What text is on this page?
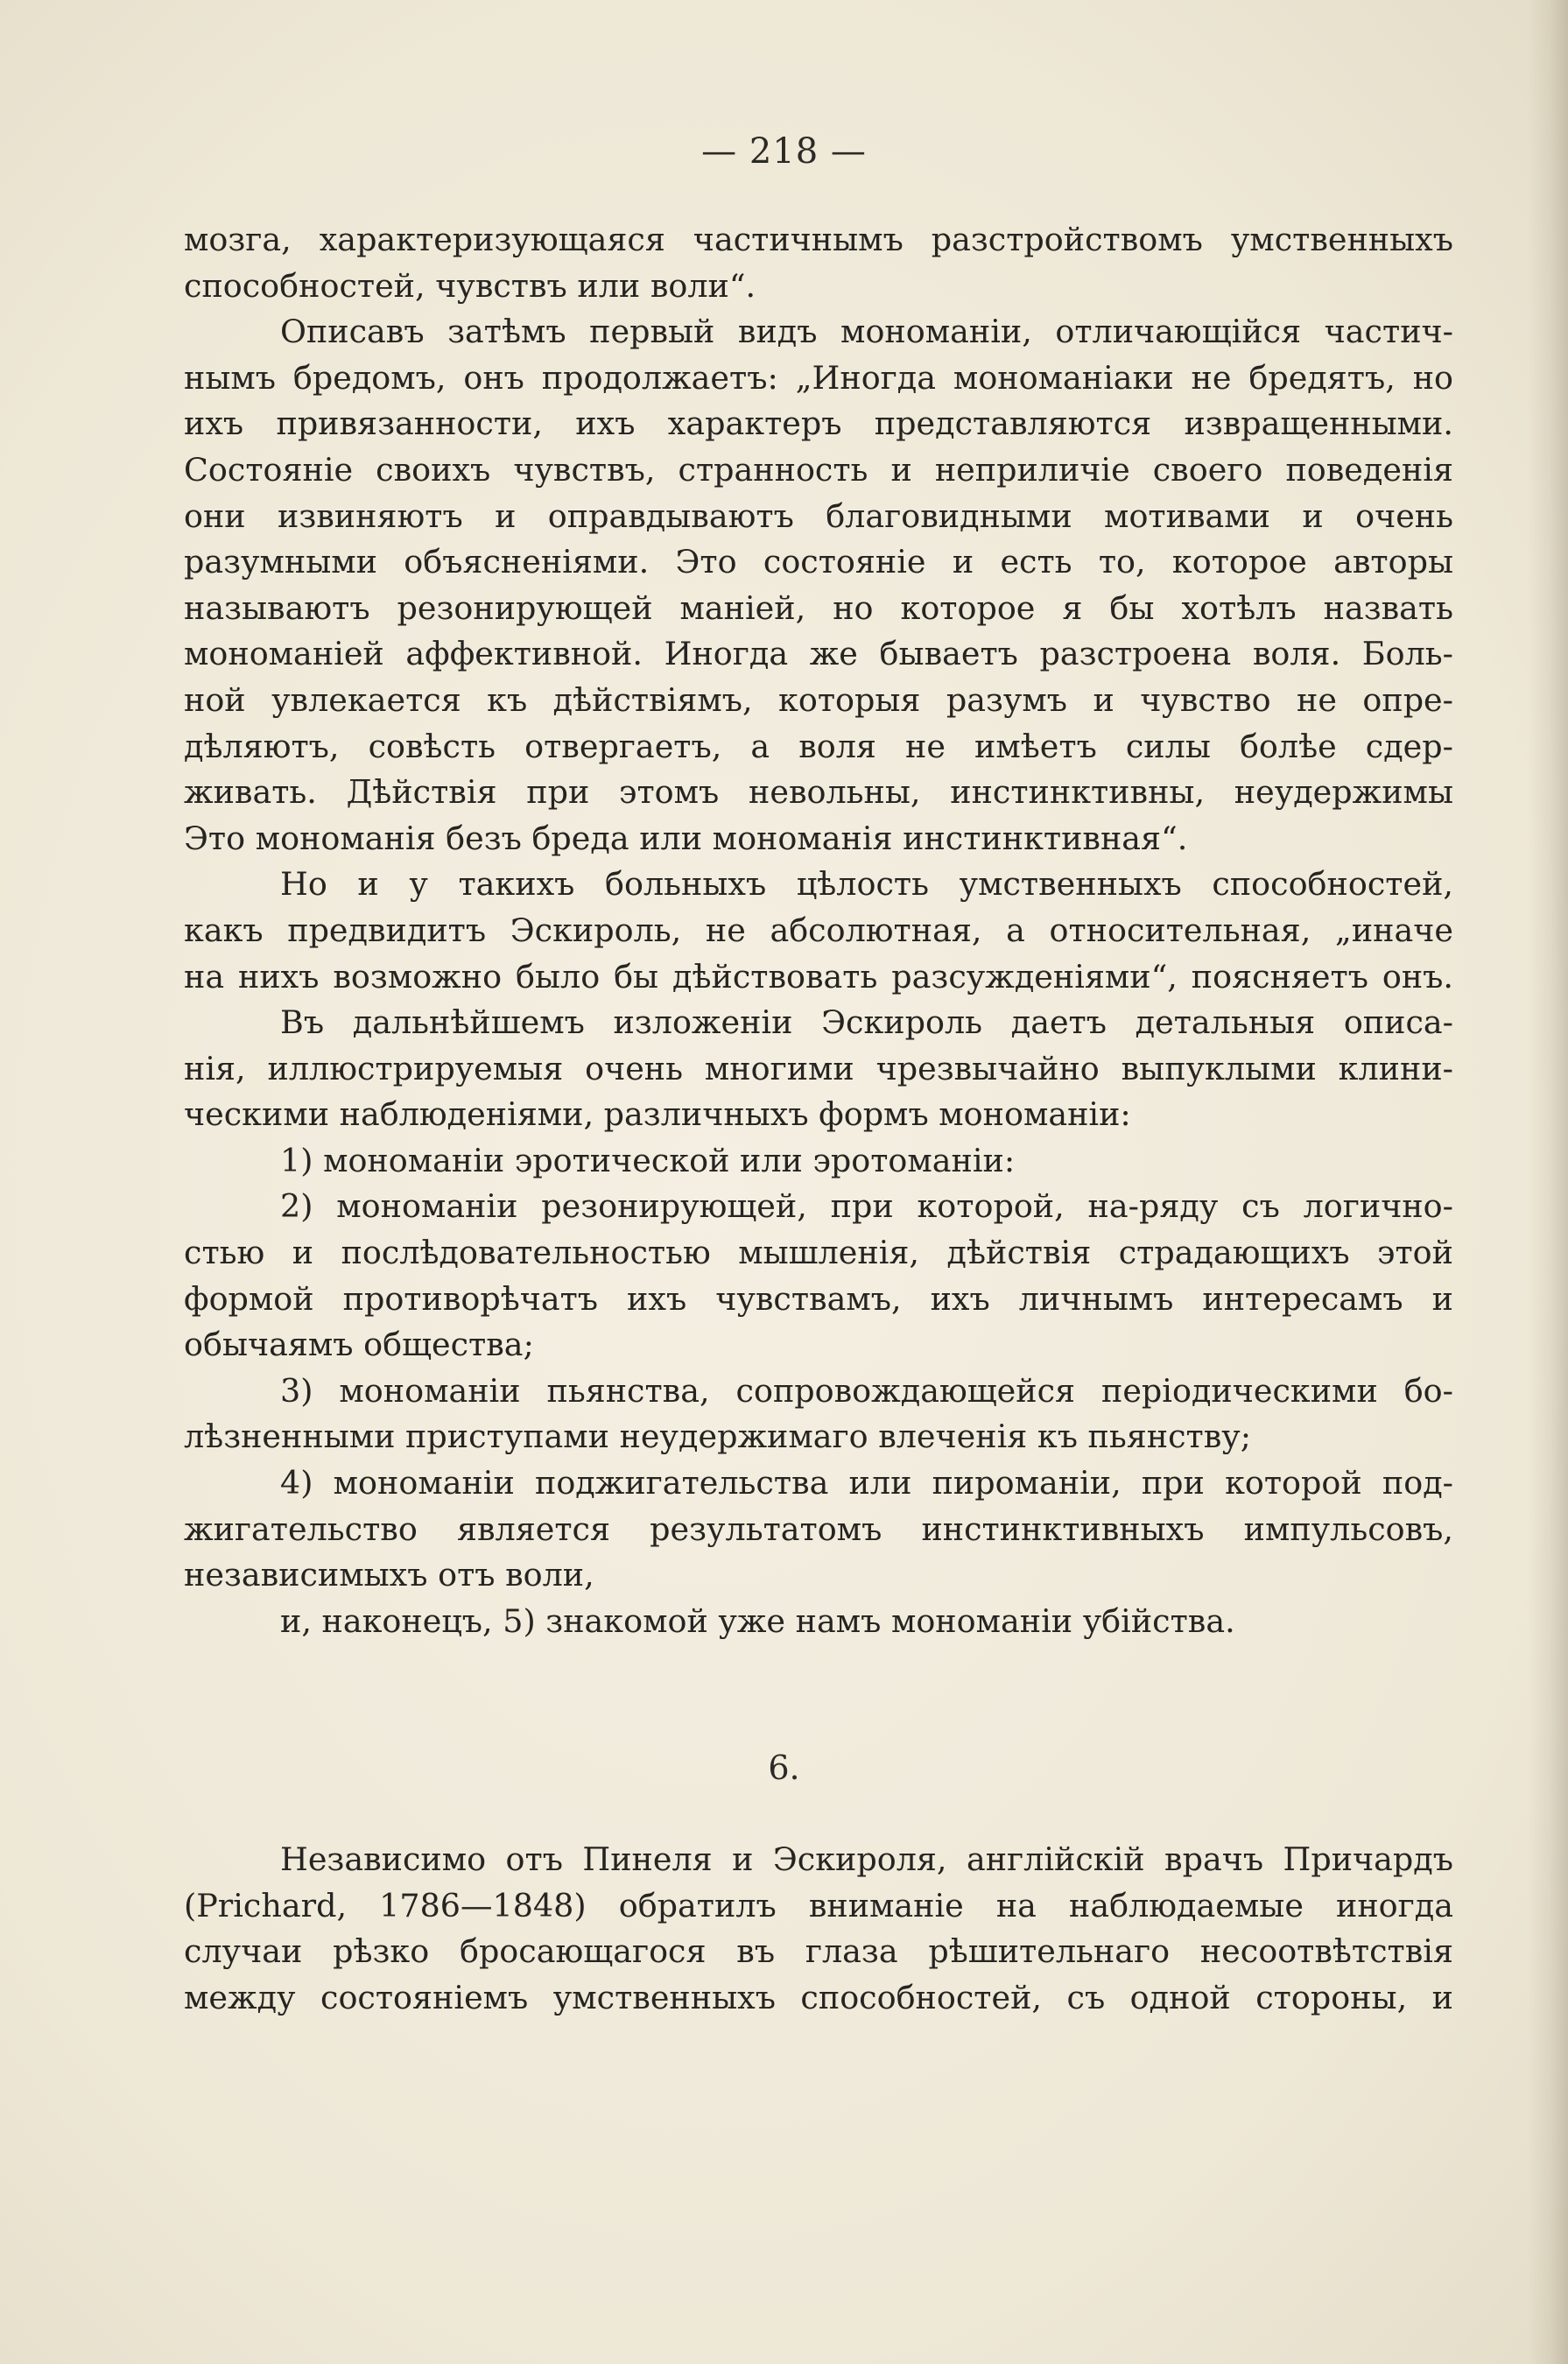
— 218 —
мозга, характеризующаяся частичнымъ разстройствомъ умственныхъ
способностей, чувствъ или воли“.
Описавъ затѣмъ первый видъ мономаніи, отличающійся частич-
нымъ бредомъ, онъ продолжаетъ: „Иногда мономаніаки не бредятъ, но
ихъ привязанности, ихъ характеръ представляются извращенными.
Состояніе своихъ чувствъ, странность и неприличіе своего поведенія
они извиняютъ и оправдываютъ благовидными мотивами и очень
разумными объясненіями. Это состояніе и есть то, которое авторы
называютъ резонирующей маніей, но которое я бы хотѣлъ назвать
мономаніей аффективной. Иногда же бываетъ разстроена воля. Боль-
ной увлекается къ дѣйствіямъ, которыя разумъ и чувство не опре-
дѣляютъ, совѣсть отвергаетъ, а воля не имѣетъ силы болѣе сдер-
живать. Дѣйствія при этомъ невольны, инстинктивны, неудержимы
Это мономанія безъ бреда или мономанія инстинктивная“.
Но и у такихъ больныхъ цѣлость умственныхъ способностей,
какъ предвидитъ Эскироль, не абсолютная, а относительная, „иначе
на нихъ возможно было бы дѣйствовать разсужденіями“, поясняетъ онъ.
Въ дальнѣйшемъ изложеніи Эскироль даетъ детальныя описа-
нія, иллюстрируемыя очень многими чрезвычайно выпуклыми клини-
ческими наблюденіями, различныхъ формъ мономаніи:
1) мономаніи эротической или эротоманіи:
2) мономаніи резонирующей, при которой, на-ряду съ логично-
стью и послѣдовательностью мышленія, дѣйствія страдающихъ этой
формой противорѣчатъ ихъ чувствамъ, ихъ личнымъ интересамъ и
обычаямъ общества;
3) мономаніи пьянства, сопровождающейся періодическими бо-
лѣзненными приступами неудержимаго влеченія къ пьянству;
4) мономаніи поджигательства или пироманіи, при которой под-
жигательство является результатомъ инстинктивныхъ импульсовъ,
независимыхъ отъ воли,
и, наконецъ, 5) знакомой уже намъ мономаніи убійства.
6.
Независимо отъ Пинеля и Эскироля, англійскій врачъ Причардъ
(Prichard, 1786—1848) обратилъ вниманіе на наблюдаемые иногда
случаи рѣзко бросающагося въ глаза рѣшительнаго несоотвѣтствія
между состояніемъ умственныхъ способностей, съ одной стороны, и
